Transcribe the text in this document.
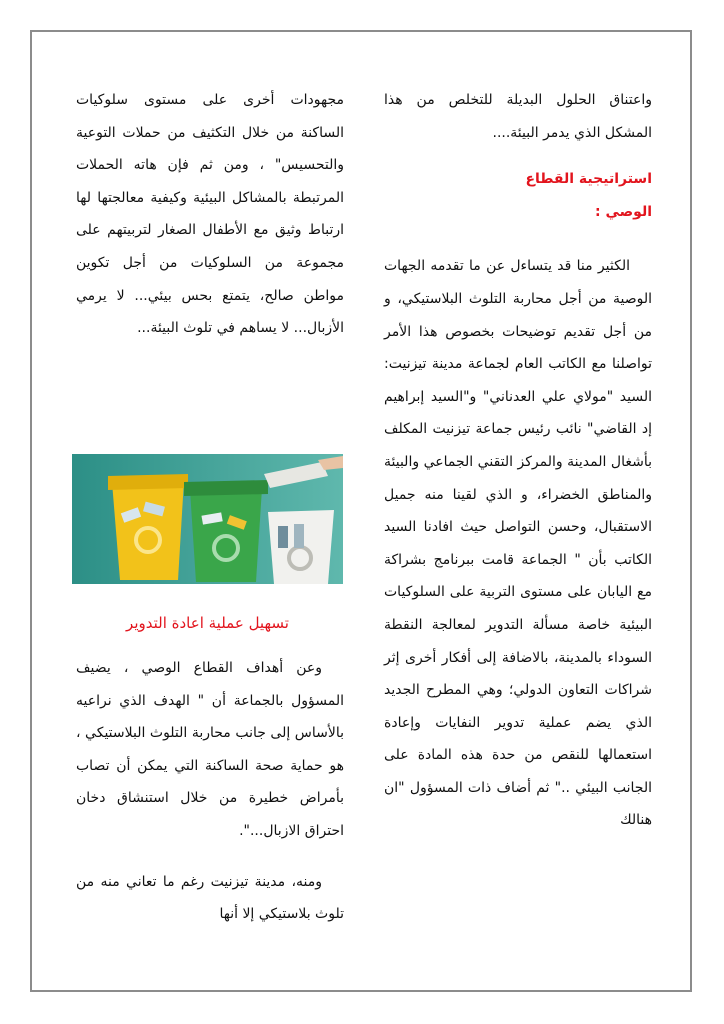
واعتناق الحلول البديلة للتخلص من هذا المشكل الذي يدمر البيئة....

استراتيجية القطاع
الوصي :

الكثير منا قد يتساءل عن ما تقدمه الجهات الوصية من أجل محاربة التلوث البلاستيكي، و من أجل تقديم توضيحات بخصوص هذا الأمر تواصلنا مع الكاتب العام لجماعة مدينة تيزنيت: السيد "مولاي علي العدناني" و"السيد إبراهيم إد القاضي" نائب رئيس جماعة تيزنيت المكلف بأشغال المدينة والمركز التقني الجماعي والبيئة والمناطق الخضراء، و الذي لقينا منه جميل الاستقبال، وحسن التواصل حيث افادنا السيد الكاتب بأن " الجماعة قامت ببرنامج بشراكة مع اليابان على مستوى التربية على السلوكيات البيئية خاصة مسألة التدوير لمعالجة النقطة السوداء بالمدينة، بالاضافة إلى أفكار أخرى إثر شراكات التعاون الدولي؛ وهي المطرح الجديد الذي يضم عملية تدوير النفايات وإعادة استعمالها للنقص من حدة هذه المادة على الجانب البيئي .." ثم أضاف ذات المسؤول "ان هنالك

مجهودات أخرى على مستوى سلوكيات الساكنة من خلال التكثيف من حملات التوعية والتحسيس" ، ومن ثم فإن هاته الحملات المرتبطة بالمشاكل البيئية وكيفية معالجتها لها ارتباط وثيق مع الأطفال الصغار لتربيتهم على مجموعة من السلوكيات من أجل تكوين مواطن صالح، يتمتع بحس بيئي... لا يرمي الأزبال... لا يساهم في تلوث البيئة...

تسهيل عملية اعادة التدوير

وعن أهداف القطاع الوصي ، يضيف المسؤول بالجماعة أن " الهدف الذي نراعيه بالأساس إلى جانب محاربة التلوث البلاستيكي ، هو حماية صحة الساكنة التي يمكن أن تصاب بأمراض خطيرة من خلال استنشاق دخان احتراق الازبال...".

ومنه، مدينة تيزنيت رغم ما تعاني منه من تلوث بلاستيكي إلا أنها
